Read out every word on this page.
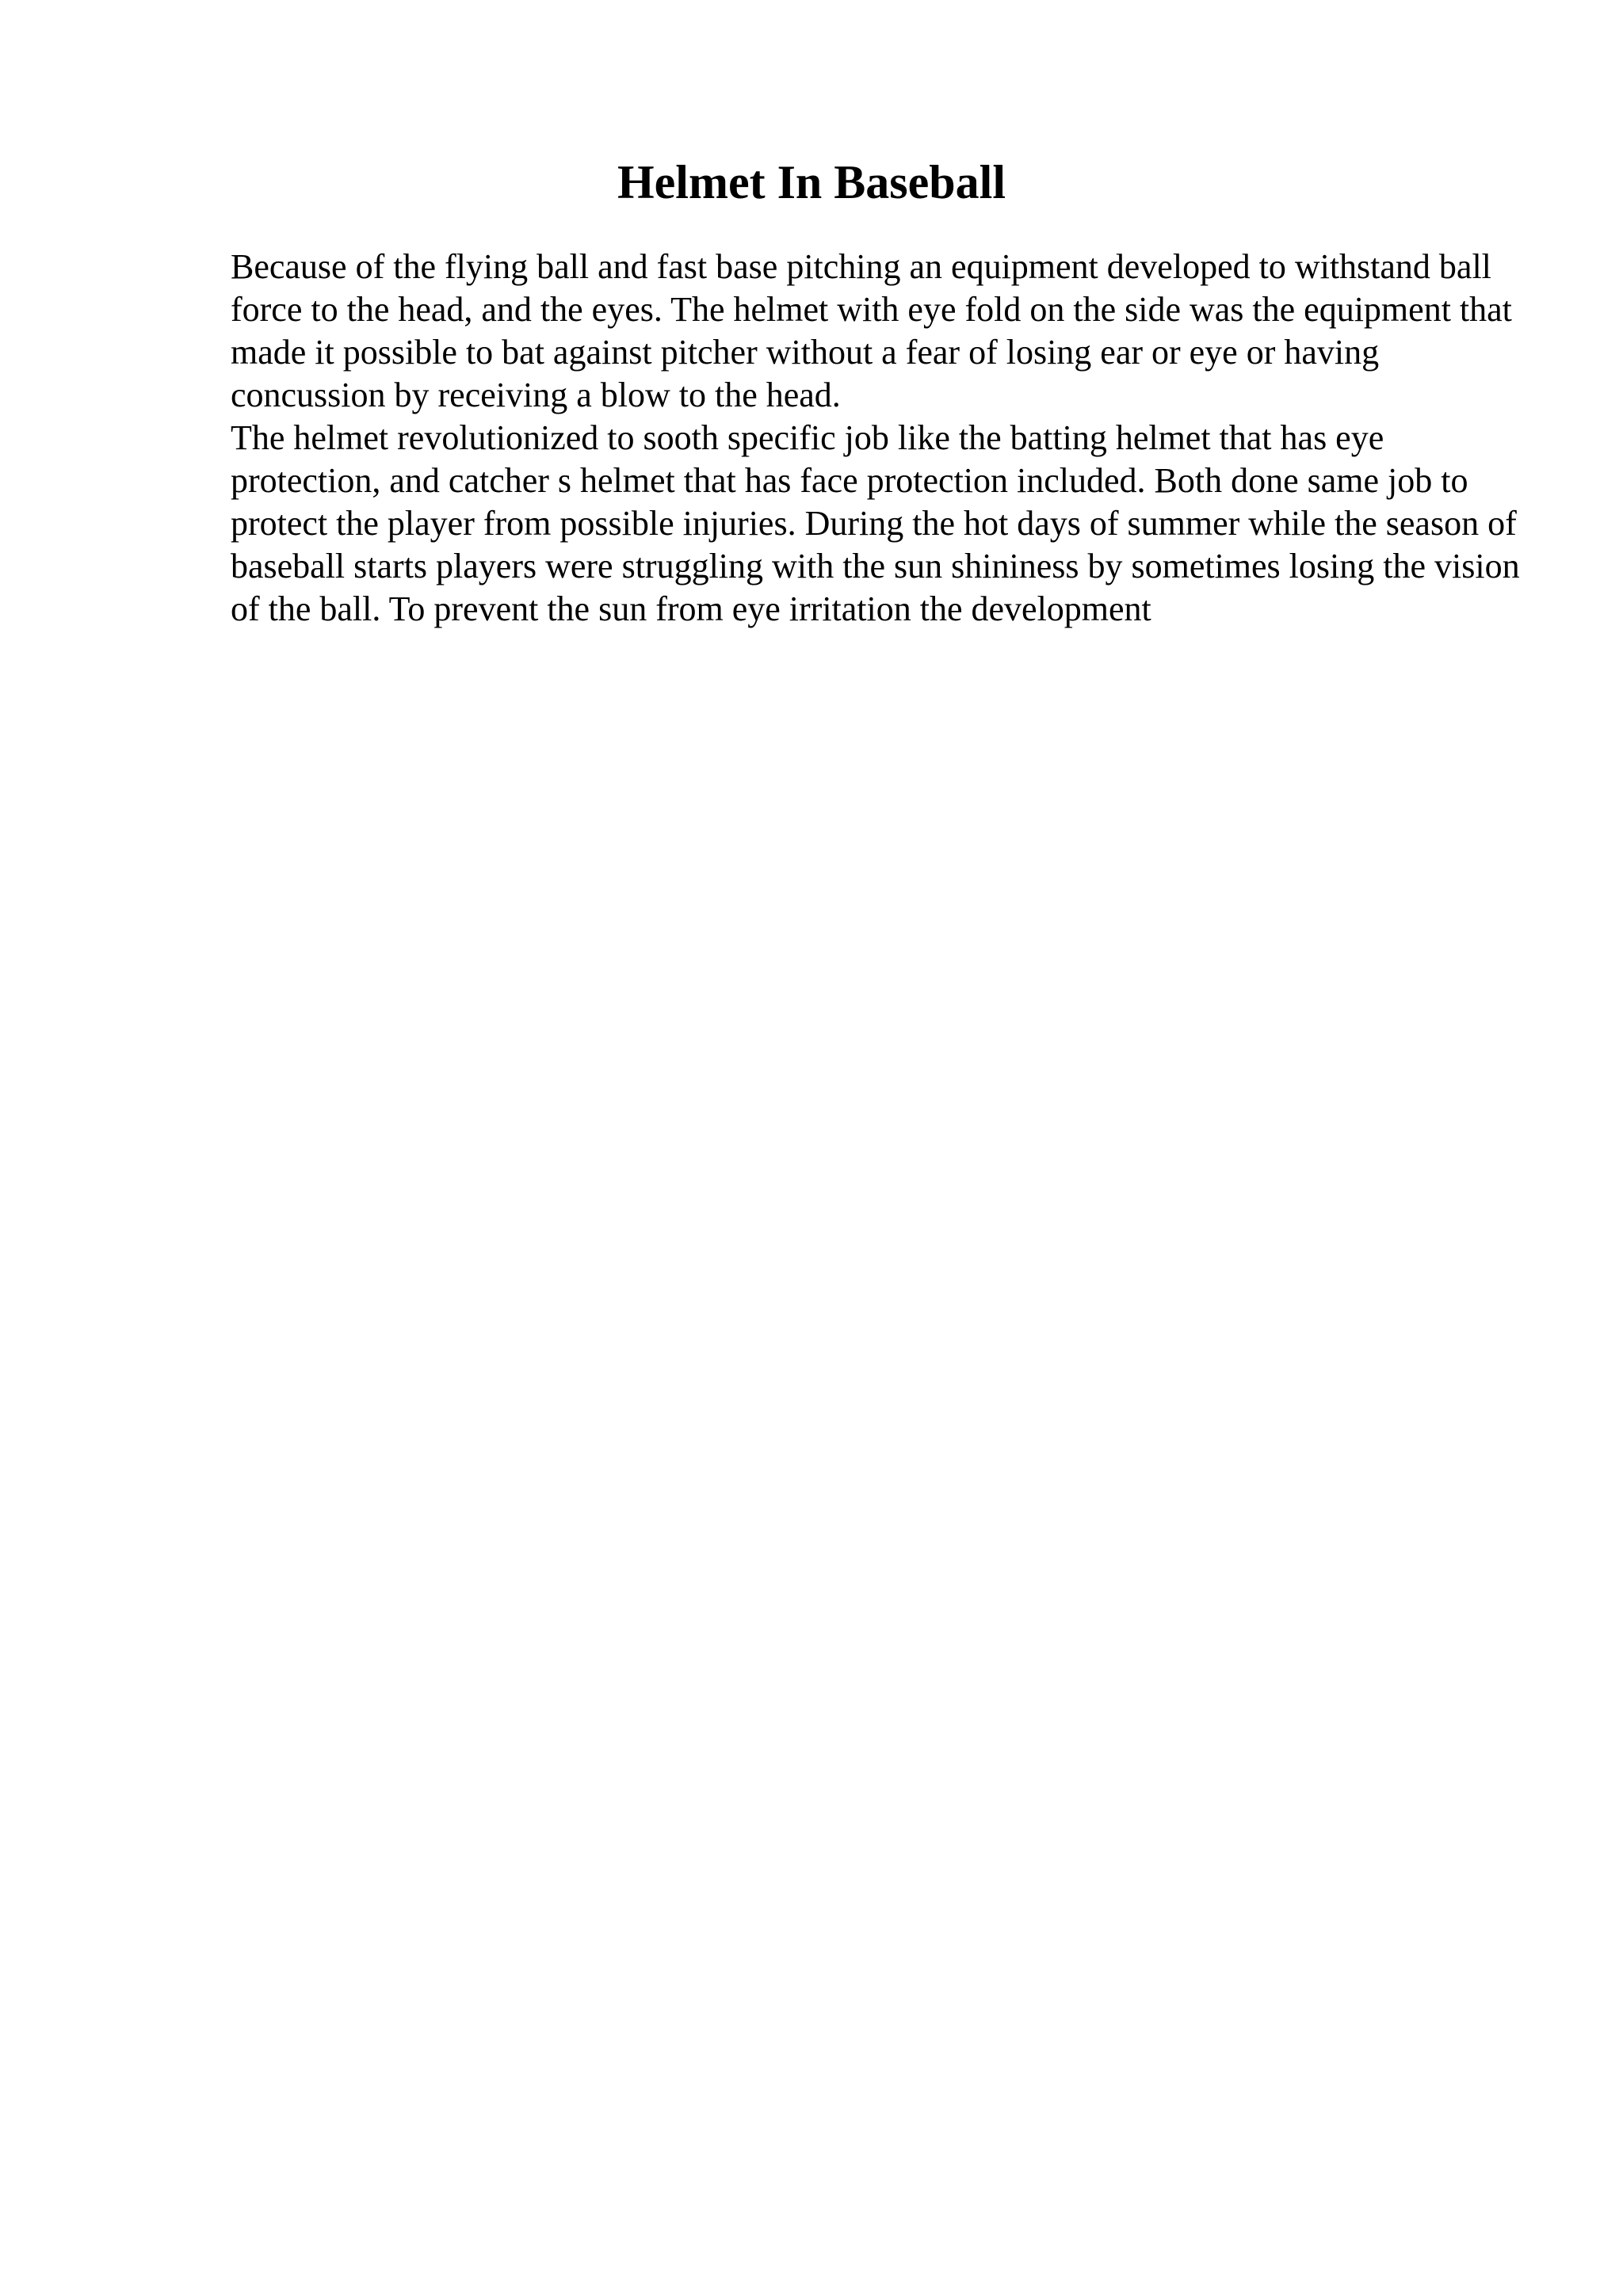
Helmet In Baseball

Because of the flying ball and fast base pitching an equipment developed to withstand ball force to the head, and the eyes. The helmet with eye fold on the side was the equipment that made it possible to bat against pitcher without a fear of losing ear or eye or having concussion by receiving a blow to the head.

The helmet revolutionized to sooth specific job like the batting helmet that has eye protection, and catcher s helmet that has face protection included. Both done same job to protect the player from possible injuries. During the hot days of summer while the season of baseball starts players were struggling with the sun shininess by sometimes losing the vision of the ball. To prevent the sun from eye irritation the development
